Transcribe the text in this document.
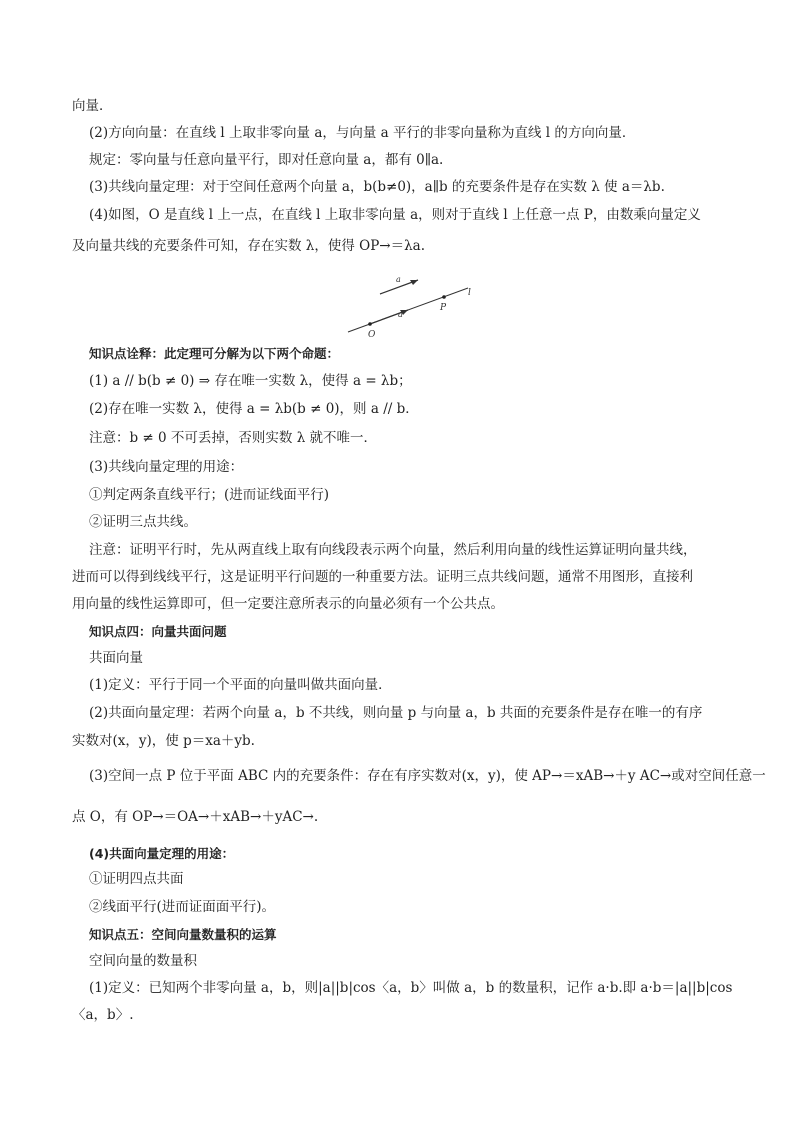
向量．
(2)方向向量：在直线 l 上取非零向量 a，与向量 a 平行的非零向量称为直线 l 的方向向量．
规定：零向量与任意向量平行，即对任意向量 a，都有 0∥a.
(3)共线向量定理：对于空间任意两个向量 a，b(b≠0)，a∥b 的充要条件是存在实数 λ 使 a＝λb.
(4)如图，O 是直线 l 上一点，在直线 l 上取非零向量 a，则对于直线 l 上任意一点 P，由数乘向量定义
及向量共线的充要条件可知，存在实数 λ，使得 OP→＝λa.
a
P
l
a
O
知识点诠释：此定理可分解为以下两个命题：
(1) a // b(b ≠ 0) ⇒ 存在唯一实数 λ，使得 a = λb；
(2)存在唯一实数 λ，使得 a = λb(b ≠ 0)，则 a // b．
注意：b ≠ 0 不可丢掉，否则实数 λ 就不唯一．
(3)共线向量定理的用途：
①判定两条直线平行；(进而证线面平行)
②证明三点共线。
注意：证明平行时，先从两直线上取有向线段表示两个向量，然后利用向量的线性运算证明向量共线，
进而可以得到线线平行，这是证明平行问题的一种重要方法。证明三点共线问题，通常不用图形，直接利
用向量的线性运算即可，但一定要注意所表示的向量必须有一个公共点。
知识点四：向量共面问题
共面向量
(1)定义：平行于同一个平面的向量叫做共面向量．
(2)共面向量定理：若两个向量 a，b 不共线，则向量 p 与向量 a，b 共面的充要条件是存在唯一的有序
实数对(x，y)，使 p＝xa＋yb.
(3)空间一点 P 位于平面 ABC 内的充要条件：存在有序实数对(x，y)，使 AP→＝xAB→＋y AC→或对空间任意一
点 O，有 OP→＝OA→＋xAB→＋yAC→.
(4)共面向量定理的用途：
①证明四点共面
②线面平行(进而证面面平行)。
知识点五：空间向量数量积的运算
空间向量的数量积
(1)定义：已知两个非零向量 a，b，则|a||b|cos〈a，b〉叫做 a，b 的数量积，记作 a·b.即 a·b＝|a||b|cos
〈a，b〉.
